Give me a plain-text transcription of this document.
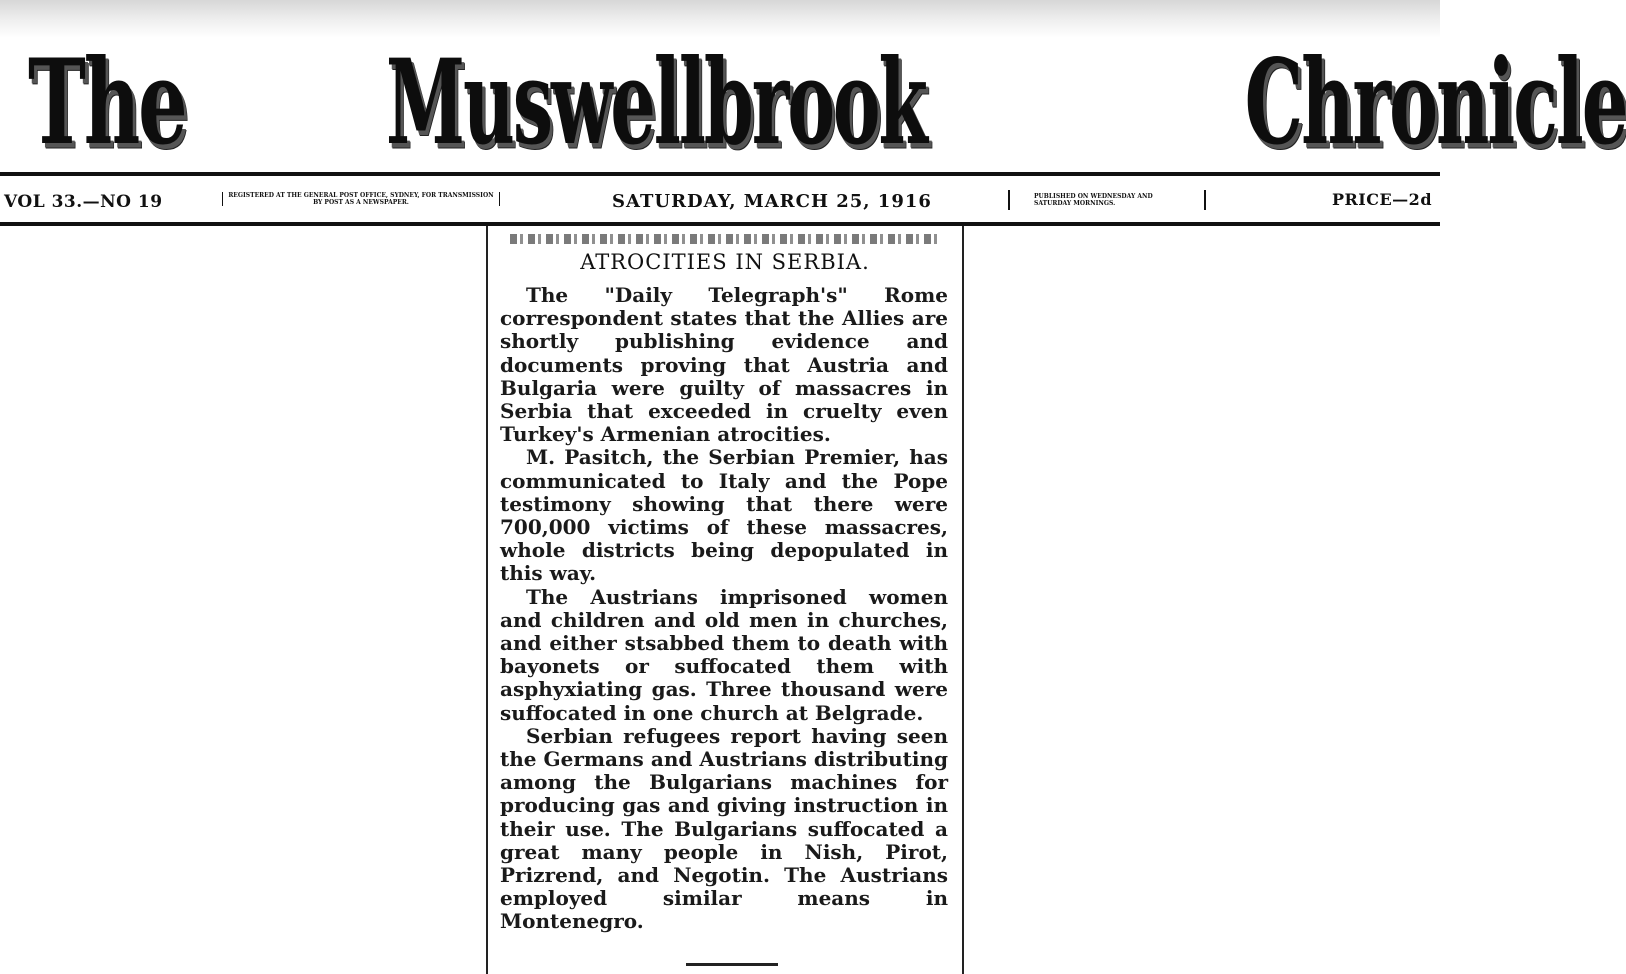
The Muswellbrook	Chronicle
VOL 33.—NO 19	REGISTERED AT THE GENERAL POST OFFICE, SYDNEY, FOR TRANSMISSION BY POST AS A NEWSPAPER.	SATURDAY, MARCH 25, 1916	PUBLISHED ON WEDNESDAY AND SATURDAY MORNINGS.	PRICE—2d
ATROCITIES IN SERBIA.

The "Daily Telegraph's" Rome correspondent states that the Allies are shortly publishing evidence and documents proving that Austria and Bulgaria were guilty of massacres in Serbia that exceeded in cruelty even Turkey's Armenian atrocities.

M. Pasitch, the Serbian Premier, has communicated to Italy and the Pope testimony showing that there were 700,000 victims of these massacres, whole districts being depopulated in this way.

The Austrians imprisoned women and children and old men in churches, and either stsabbed them to death with bayonets or suffocated them with asphyxiating gas. Three thousand were suffocated in one church at Belgrade.

Serbian refugees report having seen the Germans and Austrians distributing among the Bulgarians machines for producing gas and giving instruction in their use. The Bulgarians suffocated a great many people in Nish, Pirot, Prizrend, and Negotin. The Austrians employed similar means in Montenegro.
